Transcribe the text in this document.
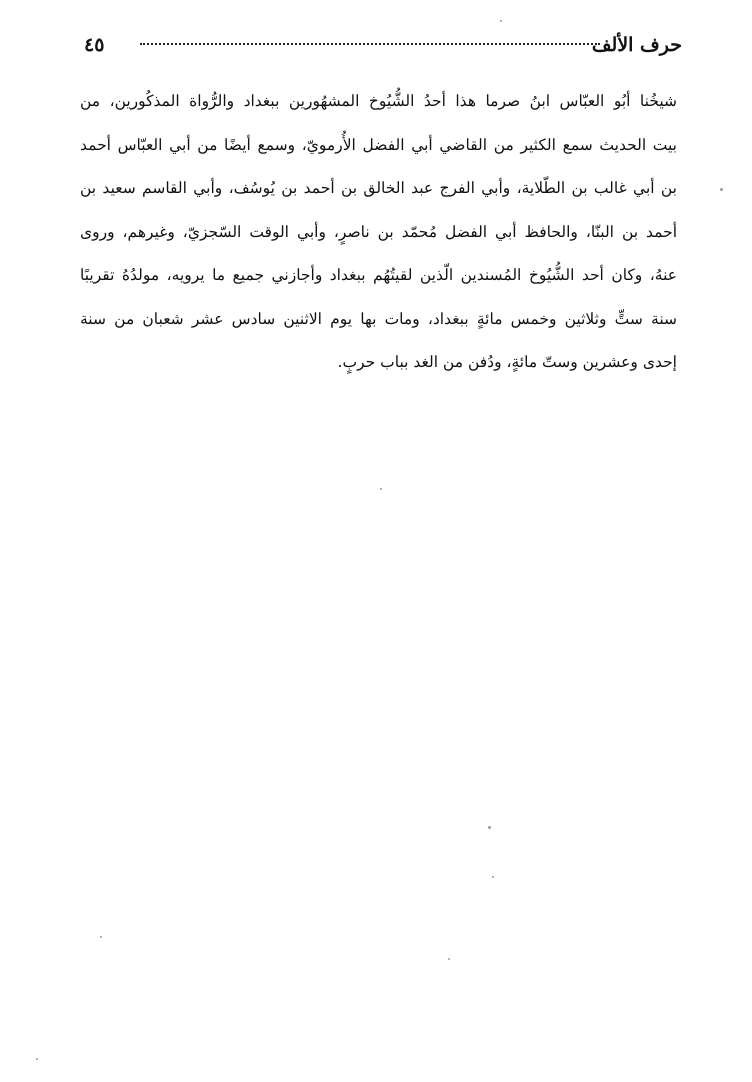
حرف الألف
٤٥
شيخُنا أبُو العبّاس ابنُ صرما هذا أحدُ الشُّيُوخ المشهُورين ببغداد والرُّواة المذكُورين، من
بيت الحديث سمع الكثير من القاضي أبي الفضل الأُرمويّ، وسمع أيضًا من أبي العبّاس أحمد
بن أبي غالب بن الطّلاية، وأبي الفرج عبد الخالق بن أحمد بن يُوسُف، وأبي القاسم سعيد بن
أحمد بن البنّا، والحافظ أبي الفضل مُحمّد بن ناصرٍ، وأبي الوقت السّجزيّ، وغيرهم، وروى
عنهُ، وكان أحد الشُّيُوخ المُسندين الّذين لقيتُهُم ببغداد وأجازني جميع ما يرويه، مولدُهُ تقريبًا
سنة ستٍّ وثلاثين وخمس مائةٍ ببغداد، ومات بها يوم الاثنين سادس عشر شعبان من سنة
إحدى وعشرين وستّ مائةٍ، ودُفن من الغد بباب حربٍ.
